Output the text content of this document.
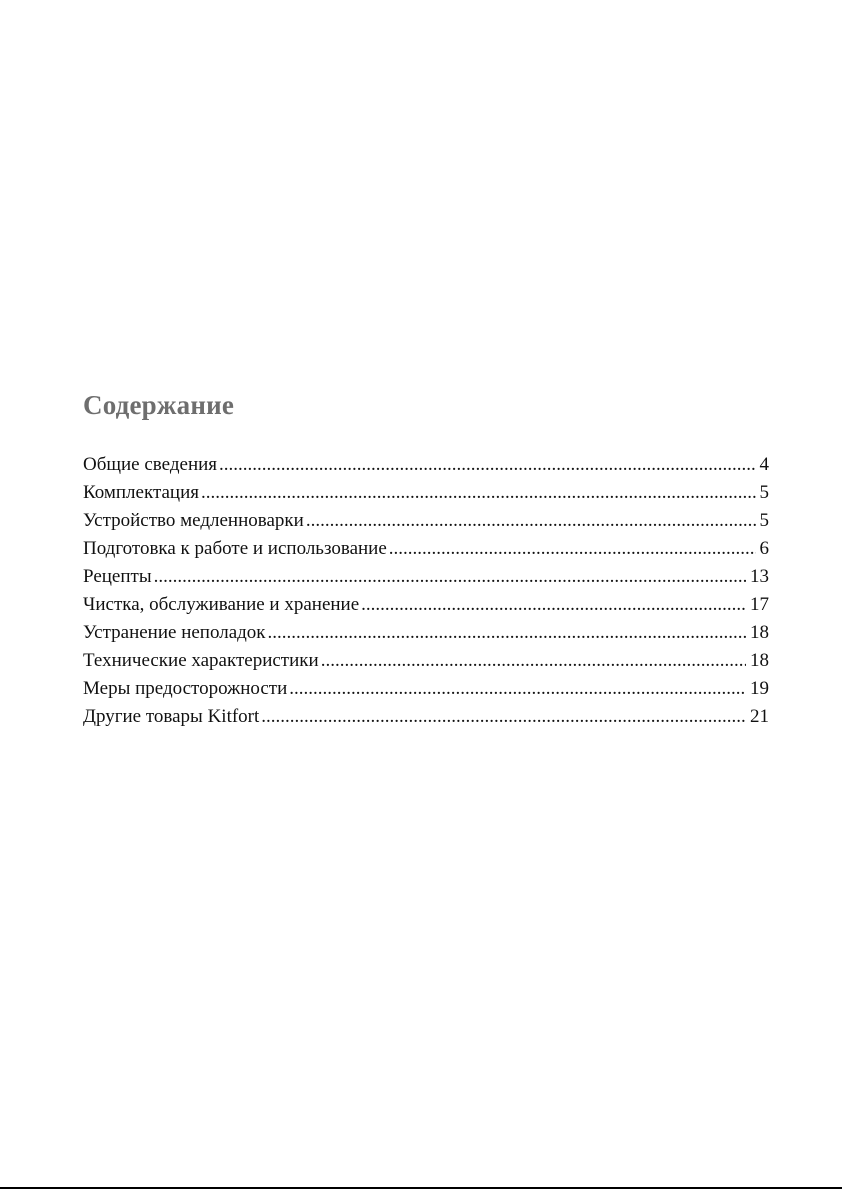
Содержание
Общие сведения .....	4
Комплектация .....	5
Устройство медленноварки .....	5
Подготовка к работе и использование .....	6
Рецепты .....	13
Чистка, обслуживание и хранение .....	17
Устранение неполадок .....	18
Технические характеристики .....	18
Меры предосторожности .....	19
Другие товары Kitfort .....	21
